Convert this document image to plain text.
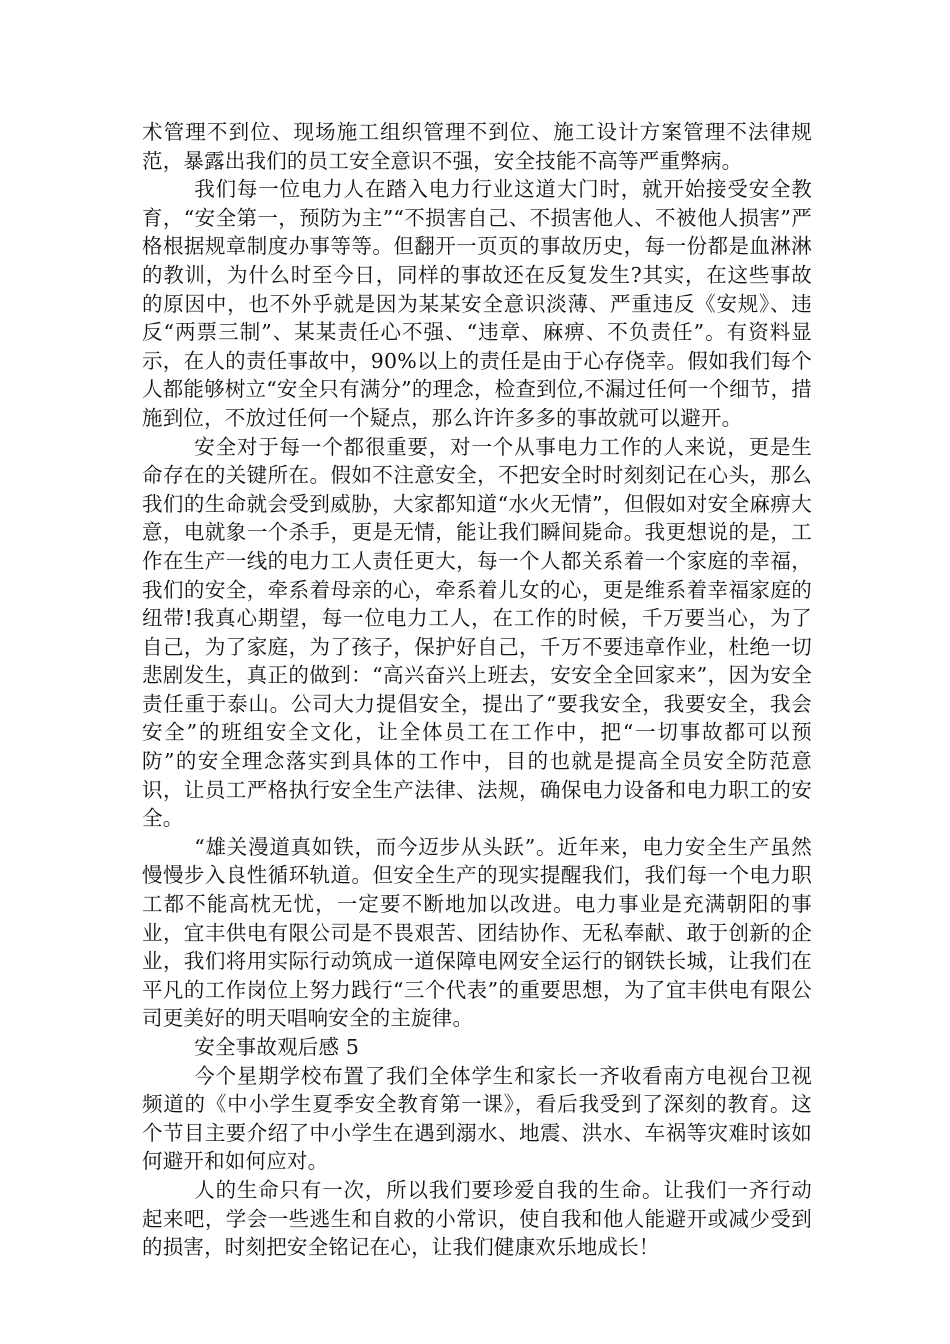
术管理不到位、现场施工组织管理不到位、施工设计方案管理不法律规范，暴露出我们的员工安全意识不强，安全技能不高等严重弊病。

我们每一位电力人在踏入电力行业这道大门时，就开始接受安全教育，“安全第一，预防为主”“不损害自己、不损害他人、不被他人损害”严格根据规章制度办事等等。但翻开一页页的事故历史，每一份都是血淋淋的教训，为什么时至今日，同样的事故还在反复发生?其实，在这些事故的原因中，也不外乎就是因为某某安全意识淡薄、严重违反《安规》、违反“两票三制”、某某责任心不强、“违章、麻痹、不负责任”。有资料显示，在人的责任事故中，90%以上的责任是由于心存侥幸。假如我们每个人都能够树立“安全只有满分”的理念，检查到位,不漏过任何一个细节，措施到位，不放过任何一个疑点，那么许许多多的事故就可以避开。

安全对于每一个都很重要，对一个从事电力工作的人来说，更是生命存在的关键所在。假如不注意安全，不把安全时时刻刻记在心头，那么我们的生命就会受到威胁，大家都知道“水火无情”，但假如对安全麻痹大意，电就象一个杀手，更是无情，能让我们瞬间毙命。我更想说的是，工作在生产一线的电力工人责任更大，每一个人都关系着一个家庭的幸福，我们的安全，牵系着母亲的心，牵系着儿女的心，更是维系着幸福家庭的纽带!我真心期望，每一位电力工人，在工作的时候，千万要当心，为了自己，为了家庭，为了孩子，保护好自己，千万不要违章作业，杜绝一切悲剧发生，真正的做到：“高兴奋兴上班去，安安全全回家来”，因为安全责任重于泰山。公司大力提倡安全，提出了“要我安全，我要安全，我会安全”的班组安全文化，让全体员工在工作中，把“一切事故都可以预防”的安全理念落实到具体的工作中，目的也就是提高全员安全防范意识，让员工严格执行安全生产法律、法规，确保电力设备和电力职工的安全。

“雄关漫道真如铁，而今迈步从头跃”。近年来，电力安全生产虽然慢慢步入良性循环轨道。但安全生产的现实提醒我们，我们每一个电力职工都不能高枕无忧，一定要不断地加以改进。电力事业是充满朝阳的事业，宜丰供电有限公司是不畏艰苦、团结协作、无私奉献、敢于创新的企业，我们将用实际行动筑成一道保障电网安全运行的钢铁长城，让我们在平凡的工作岗位上努力践行“三个代表”的重要思想，为了宜丰供电有限公司更美好的明天唱响安全的主旋律。

安全事故观后感 5

今个星期学校布置了我们全体学生和家长一齐收看南方电视台卫视频道的《中小学生夏季安全教育第一课》，看后我受到了深刻的教育。这个节目主要介绍了中小学生在遇到溺水、地震、洪水、车祸等灾难时该如何避开和如何应对。

人的生命只有一次，所以我们要珍爱自我的生命。让我们一齐行动起来吧，学会一些逃生和自救的小常识，使自我和他人能避开或减少受到的损害，时刻把安全铭记在心，让我们健康欢乐地成长！
